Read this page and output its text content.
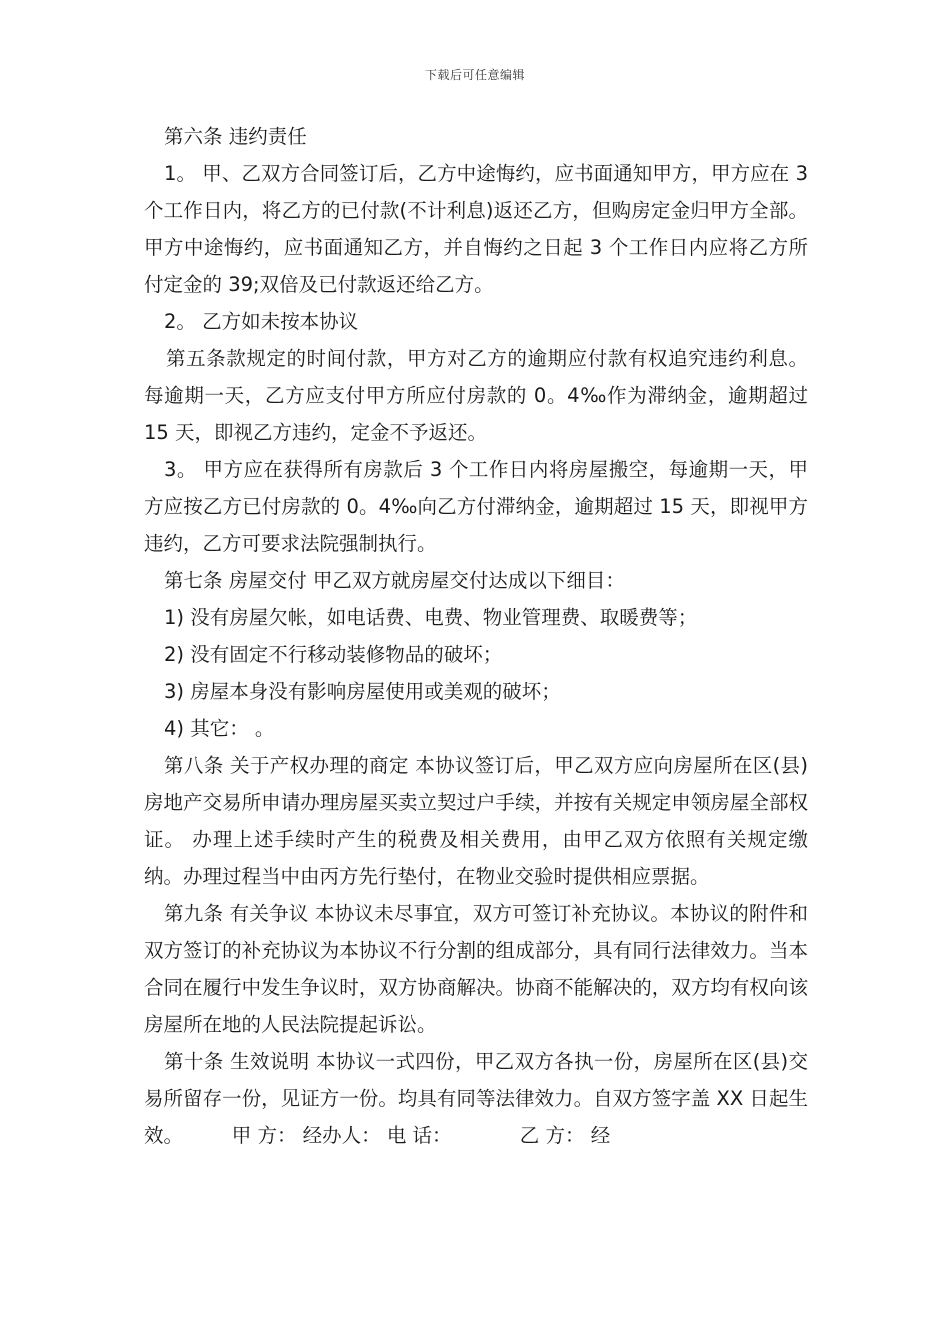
下载后可任意编辑

第六条 违约责任

1。 甲、乙双方合同签订后，乙方中途悔约，应书面通知甲方，甲方应在 3 个工作日内，将乙方的已付款(不计利息)返还乙方，但购房定金归甲方全部。甲方中途悔约，应书面通知乙方，并自悔约之日起 3 个工作日内应将乙方所付定金的 39;双倍及已付款返还给乙方。

2。 乙方如未按本协议

第五条款规定的时间付款，甲方对乙方的逾期应付款有权追究违约利息。每逾期一天，乙方应支付甲方所应付房款的 0。4‰作为滞纳金，逾期超过 15 天，即视乙方违约，定金不予返还。

3。 甲方应在获得所有房款后 3 个工作日内将房屋搬空，每逾期一天，甲方应按乙方已付房款的 0。4‰向乙方付滞纳金，逾期超过 15 天，即视甲方违约，乙方可要求法院强制执行。

第七条 房屋交付 甲乙双方就房屋交付达成以下细目：

1) 没有房屋欠帐，如电话费、电费、物业管理费、取暖费等；

2) 没有固定不行移动装修物品的破坏；

3) 房屋本身没有影响房屋使用或美观的破坏；

4) 其它： 。

第八条 关于产权办理的商定 本协议签订后，甲乙双方应向房屋所在区(县)房地产交易所申请办理房屋买卖立契过户手续，并按有关规定申领房屋全部权证。 办理上述手续时产生的税费及相关费用，由甲乙双方依照有关规定缴纳。办理过程当中由丙方先行垫付，在物业交验时提供相应票据。

第九条 有关争议 本协议未尽事宜，双方可签订补充协议。本协议的附件和双方签订的补充协议为本协议不行分割的组成部分，具有同行法律效力。当本合同在履行中发生争议时，双方协商解决。协商不能解决的，双方均有权向该房屋所在地的人民法院提起诉讼。

第十条 生效说明 本协议一式四份，甲乙双方各执一份，房屋所在区(县)交易所留存一份，见证方一份。均具有同等法律效力。自双方签字盖 XX 日起生效。　　　甲 方： 经办人： 电 话：　　　　乙 方： 经
